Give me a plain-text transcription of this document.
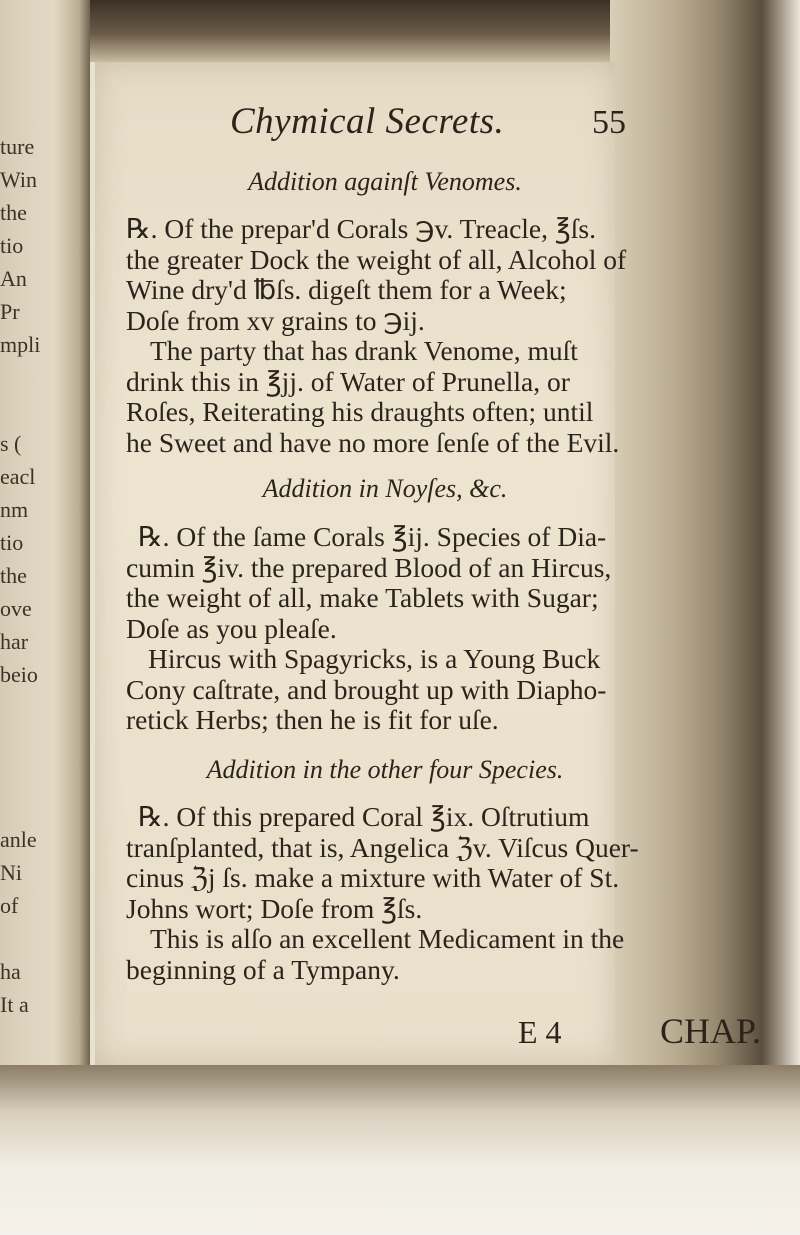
ture
Win
the
tio
An
Pr
mpli
s (
eacl
nm
tio
the
ove
har
beio
anle
Ni
of
ha
It a
Chymical Secrets.	55
Addition againſt Venomes.
℞. Of the prepar'd Corals ℈v. Treacle, ℥ſs.
the greater Dock the weight of all, Alcohol of
Wine dry'd ℔ſs. digeſt them for a Week;
Doſe from xv grains to ℈ij.
The party that has drank Venome, muſt
drink this in ℥jj. of Water of Prunella, or
Roſes, Reiterating his draughts often; until
he Sweet and have no more ſenſe of the Evil.
Addition in Noyſes, &c.
℞. Of the ſame Corals ℥ij. Species of Dia-
cumin ℥iv. the prepared Blood of an Hircus,
the weight of all, make Tablets with Sugar;
Doſe as you pleaſe.
Hircus with Spagyricks, is a Young Buck
Cony caſtrate, and brought up with Diapho-
retick Herbs; then he is fit for uſe.
Addition in the other four Species.
℞. Of this prepared Coral ℥ix. Oſtrutium
tranſplanted, that is, Angelica ℨv. Viſcus Quer-
cinus ℨj ſs. make a mixture with Water of St.
Johns wort; Doſe from ℥ſs.
This is alſo an excellent Medicament in the
beginning of a Tympany.
E 4	CHAP.
